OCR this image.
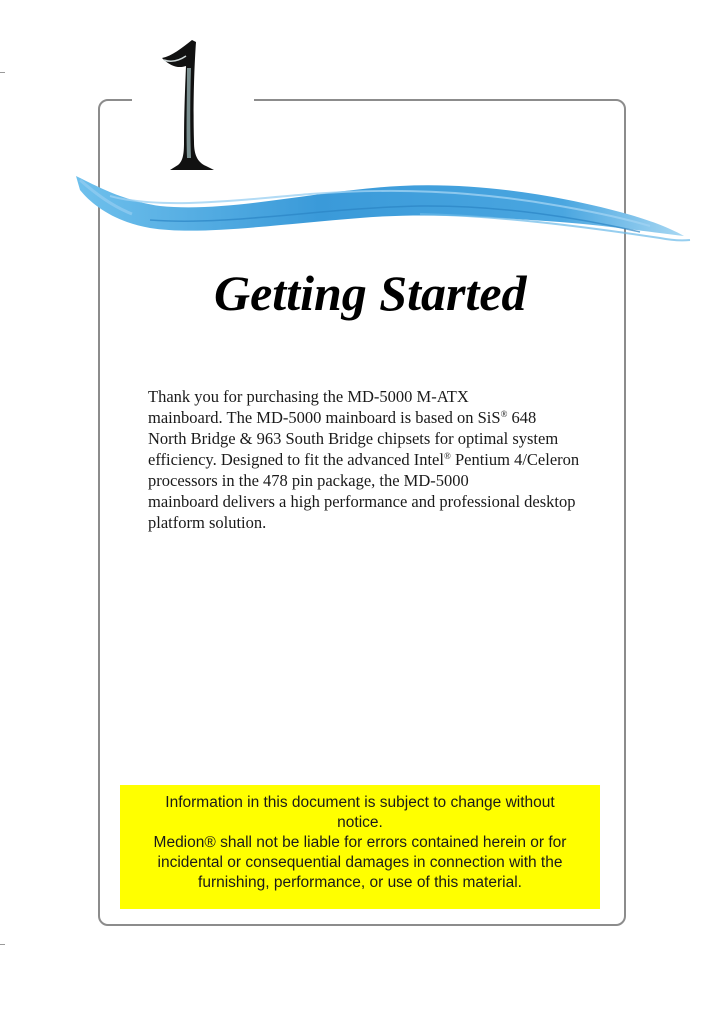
Getting Started

Thank you for purchasing the MD-5000 M-ATX
mainboard. The MD-5000 mainboard is based on SiS® 648
North Bridge & 963 South Bridge chipsets for optimal system
efficiency. Designed to fit the advanced Intel® Pentium 4/Celeron
processors in the 478 pin package, the MD-5000
mainboard delivers a high performance and professional desktop
platform solution.

Information in this document is subject to change without
notice.
Medion® shall not be liable for errors contained herein or for
incidental or consequential damages in connection with the
furnishing, performance, or use of this material.
